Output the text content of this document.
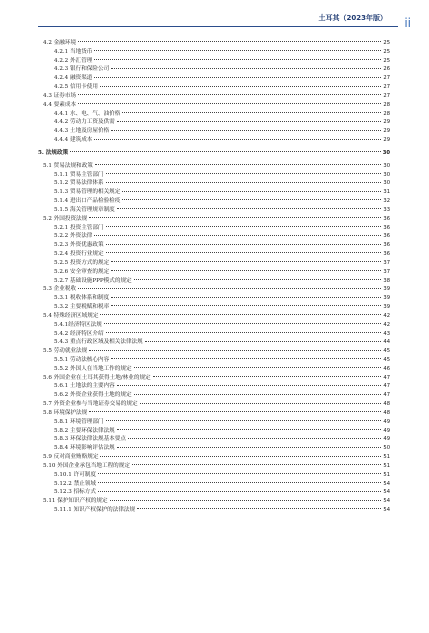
土耳其（2023年版） ii
4.2 金融环境	25
4.2.1 当地货币	25
4.2.2 外汇管理	25
4.2.3 银行和保险公司	26
4.2.4 融资渠道	27
4.2.5 信用卡使用	27
4.3 证券市场	27
4.4 要素成本	28
4.4.1 水、电、气、油价格	28
4.4.2 劳动力工资及供需	29
4.4.3 土地及房屋价格	29
4.4.4 建筑成本	29
5. 法规政策	30
5.1 贸易法规和政策	30
5.1.1 贸易主管部门	30
5.1.2 贸易法律体系	30
5.1.3 贸易管理的相关规定	31
5.1.4 进出口产品检验检疫	32
5.1.5 海关管理规章制度	33
5.2 外国投资法规	36
5.2.1 投资主管部门	36
5.2.2 外资法律	36
5.2.3 外资优惠政策	36
5.2.4 投资行业规定	36
5.2.5 投资方式的规定	37
5.2.6 安全审查的规定	37
5.2.7 基础设施PPP模式的规定	38
5.3 企业税收	39
5.3.1 税收体系和制度	39
5.3.2 主要税赋和税率	39
5.4 特殊经济区域规定	42
5.4.1经济特区法规	42
5.4.2 经济特区介绍	43
5.4.3 重点行政区域及相关法律法规	44
5.5 劳动就业法规	45
5.5.1 劳动法核心内容	45
5.5.2 外国人在当地工作的规定	46
5.6 外国企业在土耳其获得土地/林业的规定	47
5.6.1 土地法的主要内容	47
5.6.2 外资企业获得土地的规定	47
5.7 外资企业参与当地证券交易的规定	48
5.8 环境保护法规	48
5.8.1 环境管理部门	49
5.8.2 主要环保法律法规	49
5.8.3 环保法律法规基本要点	49
5.8.4 环境影响评估法规	50
5.9 反对商业贿赂规定	51
5.10 外国企业承包当地工程的规定	51
5.10.1 许可制度	51
5.12.2 禁止领域	54
5.12.3 招标方式	54
5.11 保护知识产权的规定	54
5.11.1 知识产权保护的法律法规	54
